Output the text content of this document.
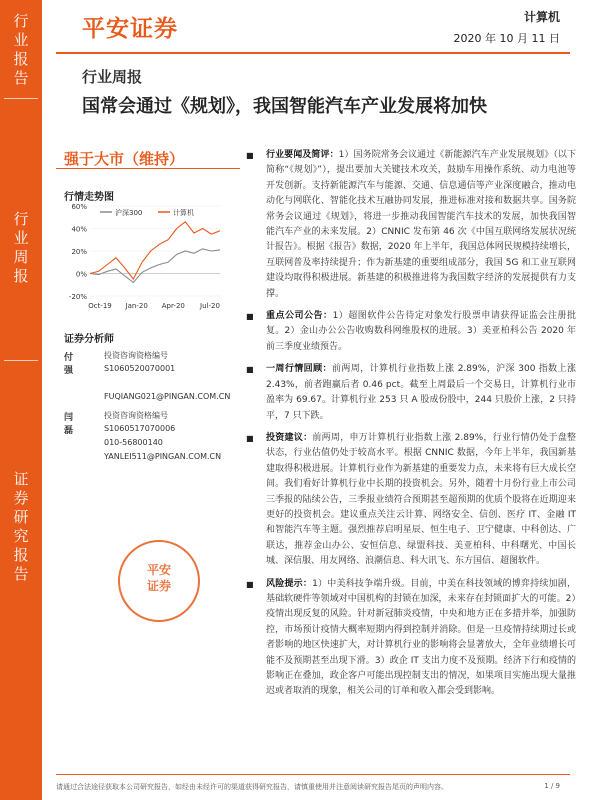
行
业
报
告
行
业
周
报
证
券
研
究
报
告
平安证券	计算机
2020 年 10 月 11 日
行业周报
国常会通过《规划》，我国智能汽车产业发展将加快
强于大市（维持）
行情走势图
60%
40%
20%
0%
-20%
Oct-19 Jan-20 Apr-20 Jul-20
沪深300	计算机
证券分析师
付强
投资咨询资格编号
S1060520070001
FUQIANG021@PINGAN.COM.CN
闫磊
投资咨询资格编号
S1060517070006
010-56800140
YANLEI511@PINGAN.COM.CN
平安
证券
■ 行业要闻及简评：1）国务院常务会议通过《新能源汽车产业发展规划》（以下简称“《规划》”），提出要加大关键技术攻关，鼓励车用操作系统、动力电池等开发创新。支持新能源汽车与能源、交通、信息通信等产业深度融合，推动电动化与网联化、智能化技术互融协同发展，推进标准对接和数据共享。国务院常务会议通过《规划》，将进一步推动我国智能汽车技术的发展，加快我国智能汽车产业的未来发展。2）CNNIC 发布第 46 次《中国互联网络发展状况统计报告》。根据《报告》数据，2020 年上半年，我国总体网民规模持续增长，互联网普及率持续提升；作为新基建的重要组成部分，我国 5G 和工业互联网建设均取得积极进展。新基建的积极推进将为我国数字经济的发展提供有力支撑。
■ 重点公司公告：1）超图软件公告待定对象发行股票申请获得证监会注册批复。2）金山办公公告收购数科网维股权的进展。3）美亚柏科公告 2020 年前三季度业绩预告。
■ 一周行情回顾：前两周，计算机行业指数上涨 2.89%，沪深 300 指数上涨 2.43%，前者跑赢后者 0.46 pct。截至上周最后一个交易日，计算机行业市盈率为 69.67。计算机行业 253 只 A 股成份股中，244 只股价上涨，2 只持平，7 只下跌。
■ 投资建议：前两周，申万计算机行业指数上涨 2.89%，行业行情仍处于盘整状态，行业估值仍处于较高水平。根据 CNNIC 数据，今年上半年，我国新基建取得积极进展。计算机行业作为新基建的重要发力点，未来将有巨大成长空间。我们看好计算机行业中长期的投资机会。另外，随着十月份行业上市公司三季报的陆续公告，三季报业绩符合预期甚至超预期的优质个股将在近期迎来更好的投资机会。建议重点关注云计算、网络安全、信创、医疗 IT、金融 IT 和智能汽车等主题。强烈推荐启明星辰、恒生电子、卫宁健康、中科创达、广联达，推荐金山办公、安恒信息、绿盟科技、美亚柏科、中科曙光、中国长城、深信服、用友网络、浪潮信息、科大讯飞、东方国信、超图软件。
■ 风险提示：1）中美科技争端升级。目前，中美在科技领域的博弈持续加剧，基础软硬件等领域对中国机构的封锁在加深，未来存在封锁面扩大的可能。2）疫情出现反复的风险。针对新冠肺炎疫情，中央和地方正在多措并举，加强防控，市场预计疫情大概率短期内得到控制并消除。但是一旦疫情持续期过长或者影响的地区快速扩大，对计算机行业的影响将会显著放大，全年业绩增长可能不及预期甚至出现下滑。3）政企 IT 支出力度不及预期。经济下行和疫情的影响正在叠加，政企客户可能出现控制支出的情况，如果项目实施出现大量推迟或者取消的现象，相关公司的订单和收入都会受到影响。
请通过合法途径获取本公司研究报告，如经由未经许可的渠道获得研究报告，请慎重使用并注意阅读研究报告尾页的声明内容。	1 / 9
